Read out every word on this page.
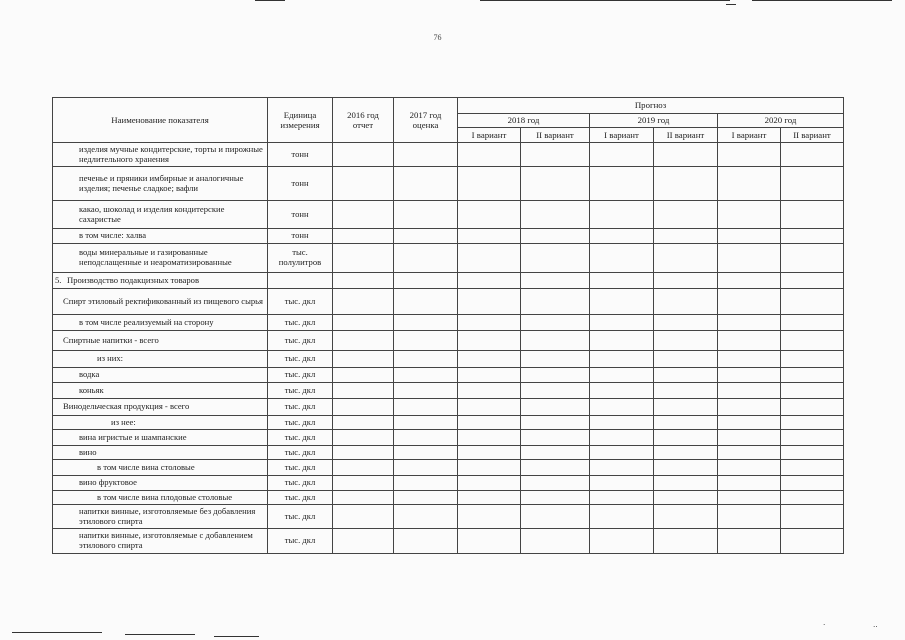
76
․	․․
Наименование показателя	Единица измерения	2016 год отчет	2017 год оценка	Прогноз					
				2018 год		2019 год		2020 год	
				I вариант	II вариант	I вариант	II вариант	I вариант	II вариант
изделия мучные кондитерские, торты и пирожные недлительного хранения	тонн								

печенье и пряники имбирные и аналогичные изделия; печенье сладкое; вафли	тонн								
какао, шоколад и изделия кондитерские сахаристые	тонн								
в том числе: халва	тонн								
воды минеральные и газированные неподслащенные и неароматизированные	тыс. полулитров								
5. Производство подакцизных товаров									
Спирт этиловый ректификованный из пищевого сырья	тыс. дкл								
в том числе реализуемый на сторону	тыс. дкл								
Спиртные напитки - всего	тыс. дкл								
из них:	тыс. дкл								
водка	тыс. дкл								
коньяк	тыс. дкл								
Винодельческая продукция - всего	тыс. дкл								
из нее:	тыс. дкл								
вина игристые и шампанские	тыс. дкл								
вино	тыс. дкл								
в том числе вина столовые	тыс. дкл								
вино фруктовое	тыс. дкл								
в том числе вина плодовые столовые	тыс. дкл								
напитки винные, изготовляемые без добавления этилового спирта	тыс. дкл								
напитки винные, изготовляемые с добавлением этилового спирта	тыс. дкл								
